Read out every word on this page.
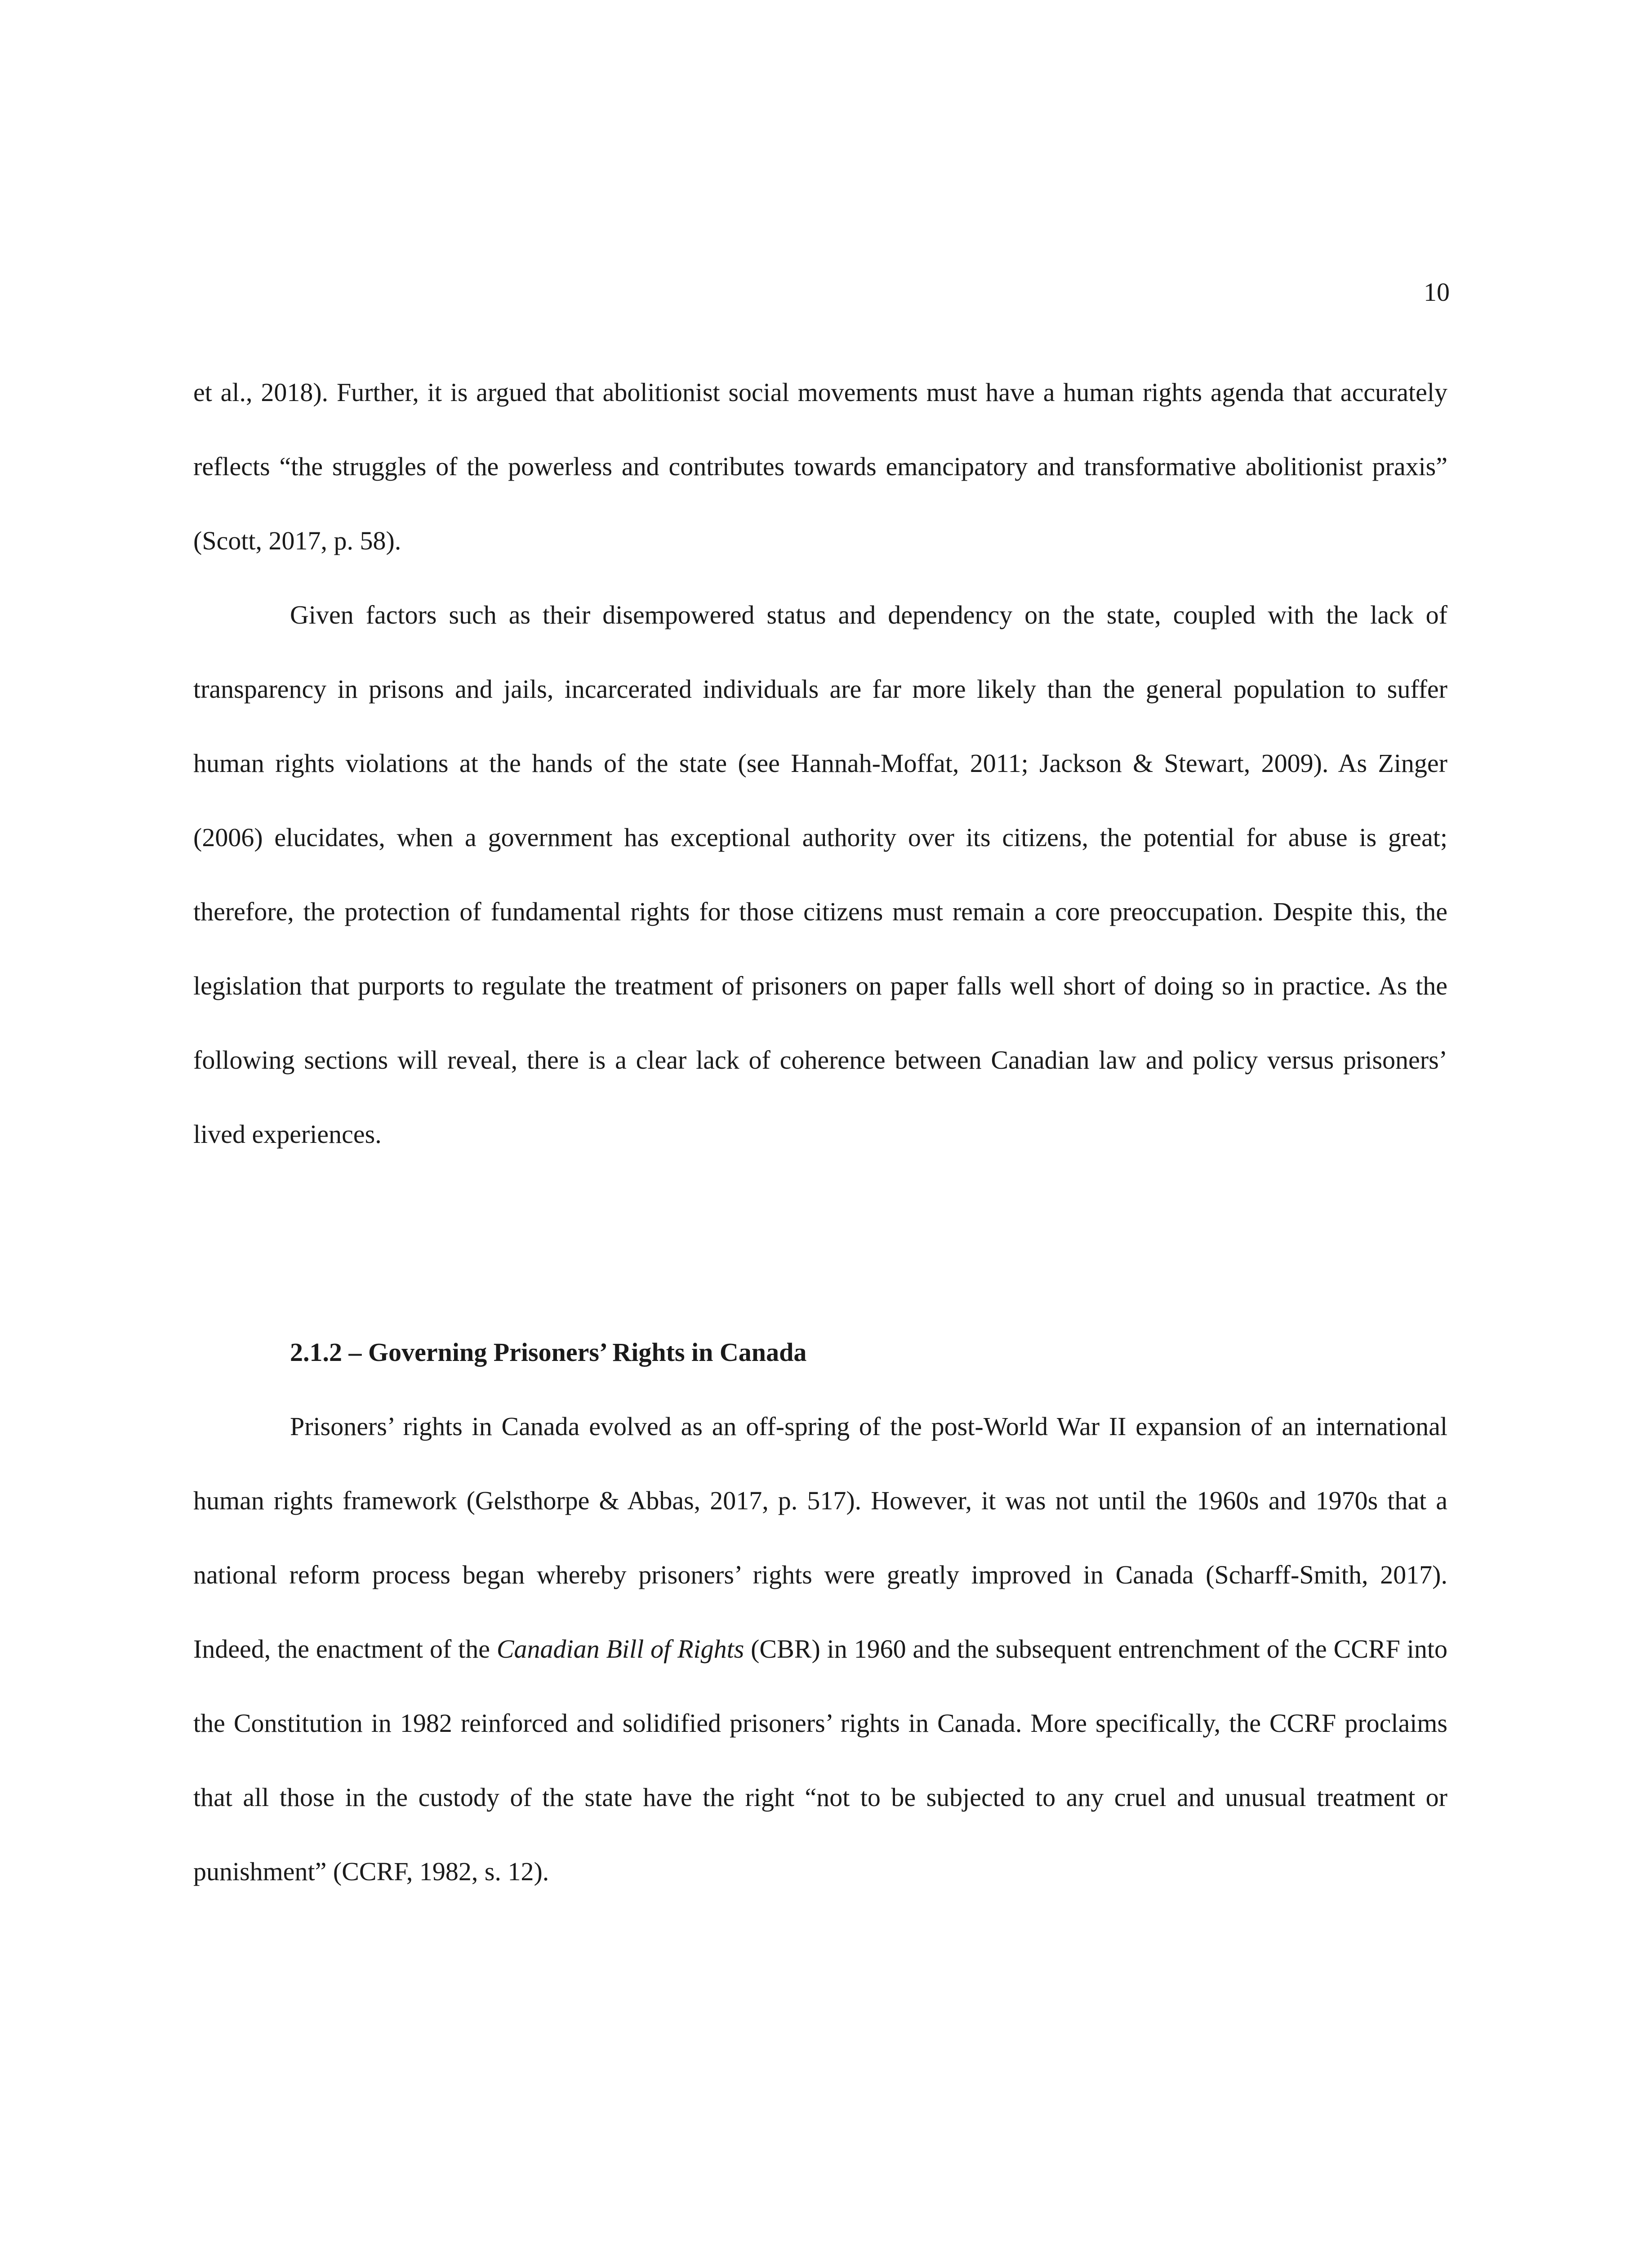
10

et al., 2018). Further, it is argued that abolitionist social movements must have a human rights agenda that accurately reflects “the struggles of the powerless and contributes towards emancipatory and transformative abolitionist praxis” (Scott, 2017, p. 58).

Given factors such as their disempowered status and dependency on the state, coupled with the lack of transparency in prisons and jails, incarcerated individuals are far more likely than the general population to suffer human rights violations at the hands of the state (see Hannah-Moffat, 2011; Jackson & Stewart, 2009). As Zinger (2006) elucidates, when a government has exceptional authority over its citizens, the potential for abuse is great; therefore, the protection of fundamental rights for those citizens must remain a core preoccupation. Despite this, the legislation that purports to regulate the treatment of prisoners on paper falls well short of doing so in practice. As the following sections will reveal, there is a clear lack of coherence between Canadian law and policy versus prisoners’ lived experiences.

2.1.2 – Governing Prisoners’ Rights in Canada

Prisoners’ rights in Canada evolved as an off-spring of the post-World War II expansion of an international human rights framework (Gelsthorpe & Abbas, 2017, p. 517). However, it was not until the 1960s and 1970s that a national reform process began whereby prisoners’ rights were greatly improved in Canada (Scharff-Smith, 2017). Indeed, the enactment of the Canadian Bill of Rights (CBR) in 1960 and the subsequent entrenchment of the CCRF into the Constitution in 1982 reinforced and solidified prisoners’ rights in Canada. More specifically, the CCRF proclaims that all those in the custody of the state have the right “not to be subjected to any cruel and unusual treatment or punishment” (CCRF, 1982, s. 12).
